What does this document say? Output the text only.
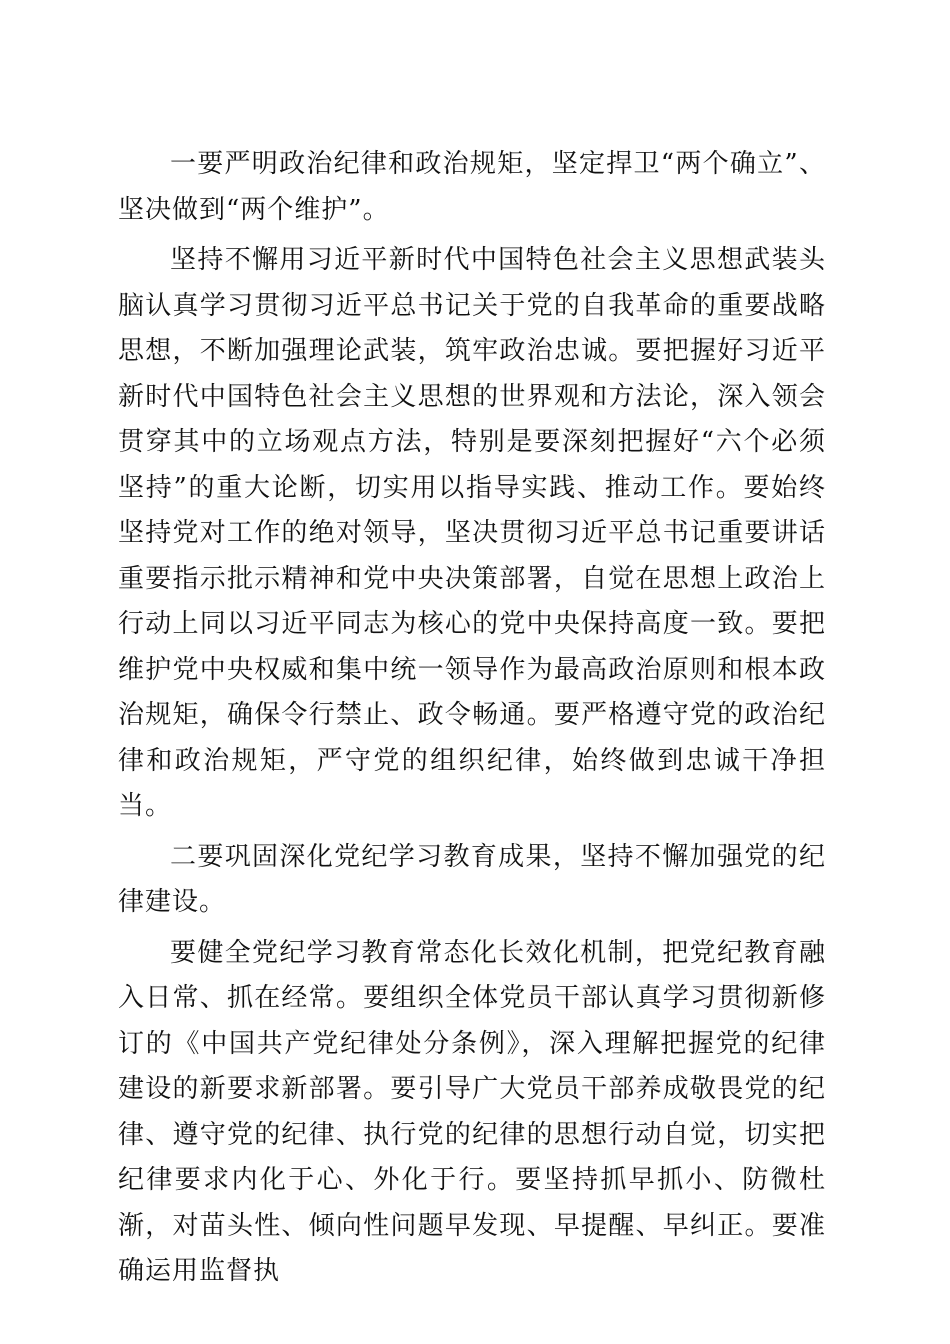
一要严明政治纪律和政治规矩，坚定捍卫“两个确立”、坚决做到“两个维护”。

坚持不懈用习近平新时代中国特色社会主义思想武装头脑认真学习贯彻习近平总书记关于党的自我革命的重要战略思想，不断加强理论武装，筑牢政治忠诚。要把握好习近平新时代中国特色社会主义思想的世界观和方法论，深入领会贯穿其中的立场观点方法，特别是要深刻把握好“六个必须坚持”的重大论断，切实用以指导实践、推动工作。要始终坚持党对工作的绝对领导，坚决贯彻习近平总书记重要讲话重要指示批示精神和党中央决策部署，自觉在思想上政治上行动上同以习近平同志为核心的党中央保持高度一致。要把维护党中央权威和集中统一领导作为最高政治原则和根本政治规矩，确保令行禁止、政令畅通。要严格遵守党的政治纪律和政治规矩，严守党的组织纪律，始终做到忠诚干净担当。

二要巩固深化党纪学习教育成果，坚持不懈加强党的纪律建设。

要健全党纪学习教育常态化长效化机制，把党纪教育融入日常、抓在经常。要组织全体党员干部认真学习贯彻新修订的《中国共产党纪律处分条例》，深入理解把握党的纪律建设的新要求新部署。要引导广大党员干部养成敬畏党的纪律、遵守党的纪律、执行党的纪律的思想行动自觉，切实把纪律要求内化于心、外化于行。要坚持抓早抓小、防微杜渐，对苗头性、倾向性问题早发现、早提醒、早纠正。要准确运用监督执
